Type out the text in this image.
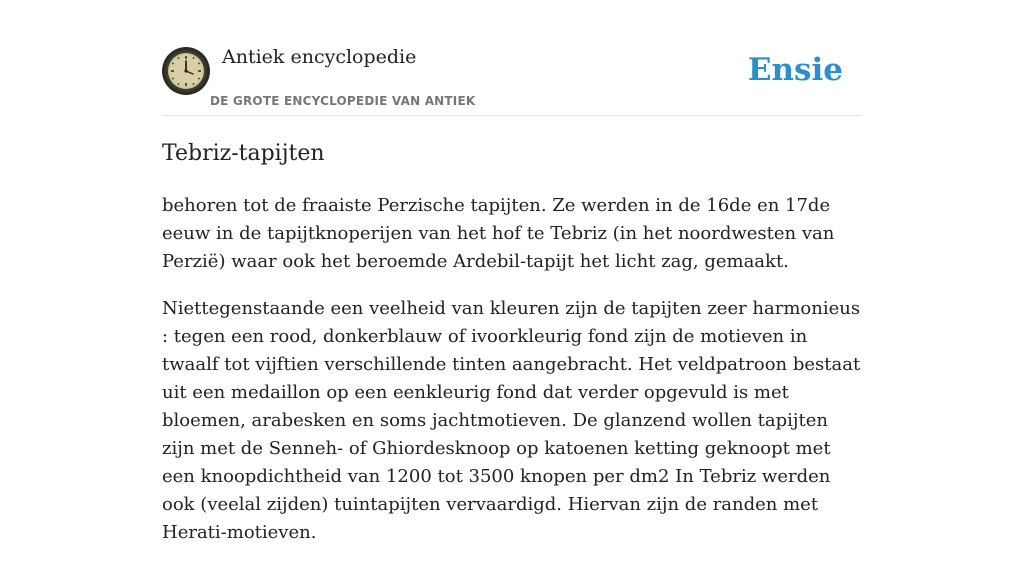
Antiek encyclopedie
DE GROTE ENCYCLOPEDIE VAN ANTIEK
Ensie
Tebriz-tapijten

behoren tot de fraaiste Perzische tapijten. Ze werden in de 16de en 17de eeuw in de tapijtknoperijen van het hof te Tebriz (in het noordwesten van Perzië) waar ook het beroemde Ardebil-tapijt het licht zag, gemaakt.

Niettegenstaande een veelheid van kleuren zijn de tapijten zeer harmonieus : tegen een rood, donkerblauw of ivoorkleurig fond zijn de motieven in twaalf tot vijftien verschillende tinten aangebracht. Het veldpatroon bestaat uit een medaillon op een eenkleurig fond dat verder opgevuld is met bloemen, arabesken en soms jachtmotieven. De glanzend wollen tapijten zijn met de Senneh- of Ghiordesknoop op katoenen ketting geknoopt met een knoopdichtheid van 1200 tot 3500 knopen per dm2 In Tebriz werden ook (veelal zijden) tuintapijten vervaardigd. Hiervan zijn de randen met Herati-motieven.
